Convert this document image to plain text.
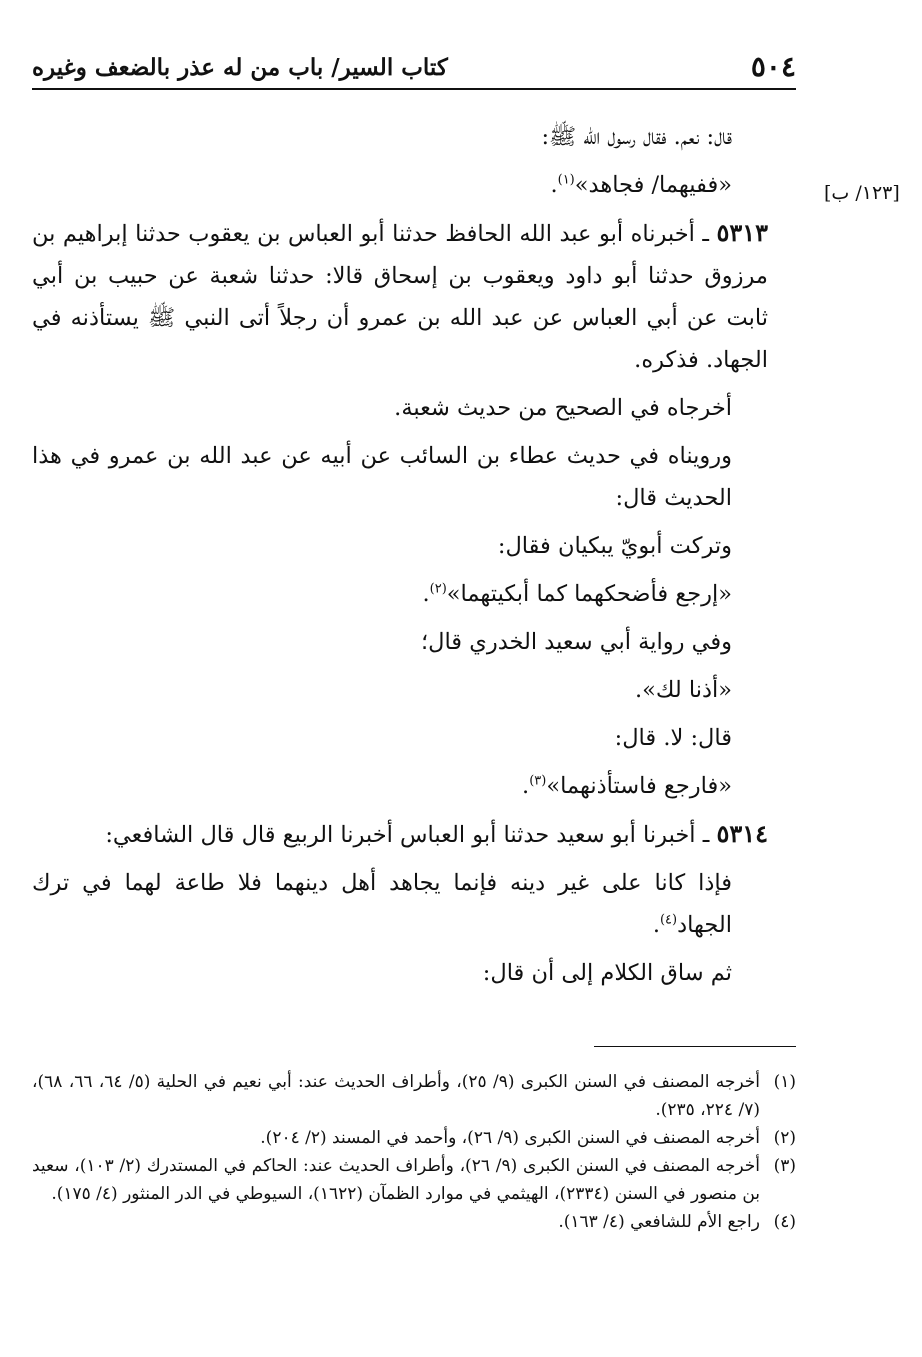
٥٠٤
كتاب السير/ باب من له عذر بالضعف وغيره
[١٢٣/ ب]

قال: نعم. فقال رسول الله ﷺ:

«ففيهما/ فجاهد»$^{(١)}$.

٥٣١٣ ـ أخبرناه أبو عبد الله الحافظ حدثنا أبو العباس بن يعقوب حدثنا إبراهيم بن مرزوق حدثنا أبو داود ويعقوب بن إسحاق قالا: حدثنا شعبة عن حبيب بن أبي ثابت عن أبي العباس عن عبد الله بن عمرو أن رجلاً أتى النبي ﷺ يستأذنه في الجهاد. فذكره.

أخرجاه في الصحيح من حديث شعبة.

ورويناه في حديث عطاء بن السائب عن أبيه عن عبد الله بن عمرو في هذا الحديث قال:

وتركت أبويّ يبكيان فقال:

«إرجع فأضحكهما كما أبكيتهما»$^{(٢)}$.

وفي رواية أبي سعيد الخدري قال؛

«أذنا لك».

قال: لا. قال:

«فارجع فاستأذنهما»$^{(٣)}$.

٥٣١٤ ـ أخبرنا أبو سعيد حدثنا أبو العباس أخبرنا الربيع قال قال الشافعي:

فإذا كانا على غير دينه فإنما يجاهد أهل دينهما فلا طاعة لهما في ترك الجهاد$^{(٤)}$.

ثم ساق الكلام إلى أن قال:

(١)
أخرجه المصنف في السنن الكبرى (٩/ ٢٥)، وأطراف الحديث عند: أبي نعيم في الحلية (٥/ ٦٤، ٦٦، ٦٨)، (٧/ ٢٢٤، ٢٣٥).
(٢)
أخرجه المصنف في السنن الكبرى (٩/ ٢٦)، وأحمد في المسند (٢/ ٢٠٤).
(٣)
أخرجه المصنف في السنن الكبرى (٩/ ٢٦)، وأطراف الحديث عند: الحاكم في المستدرك (٢/ ١٠٣)، سعيد بن منصور في السنن (٢٣٣٤)، الهيثمي في موارد الظمآن (١٦٢٢)، السيوطي في الدر المنثور (٤/ ١٧٥).
(٤)
راجع الأم للشافعي (٤/ ١٦٣).
